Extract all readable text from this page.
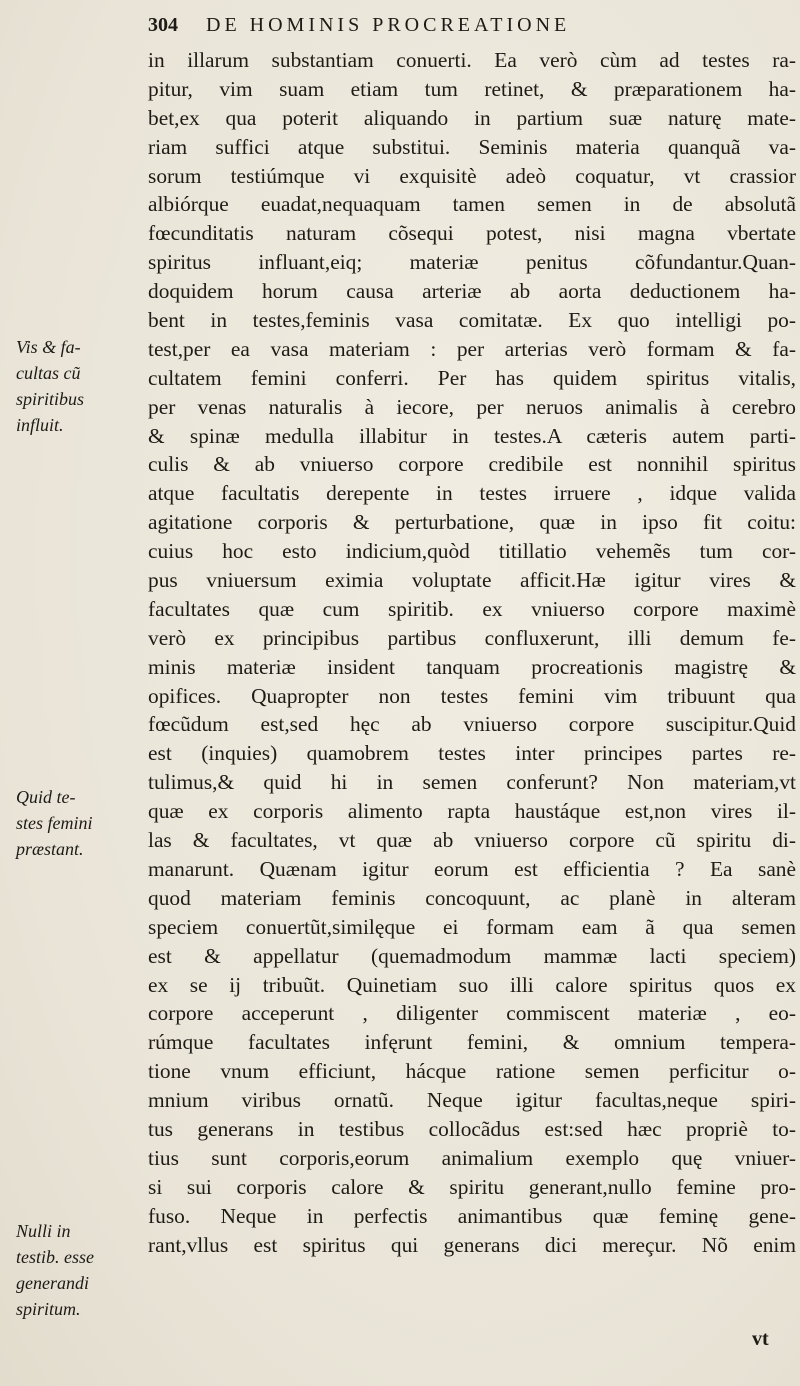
304 DE HOMINIS PROCREATIONE
in illarum substantiam conuerti. Ea verò cùm ad testes ra-
pitur, vim suam etiam tum retinet, & præparationem ha-
bet,ex qua poterit aliquando in partium suæ naturę mate-
riam suffici atque substitui. Seminis materia quanquã va-
sorum testiúmque vi exquisitè adeò coquatur, vt crassior
albiórque euadat,nequaquam tamen semen in de absolutã
fœcunditatis naturam cõsequi potest, nisi magna vbertate
spiritus influant,eiq; materiæ penitus cõfundantur.Quan-
doquidem horum causa arteriæ ab aorta deductionem ha-
bent in testes,feminis vasa comitatæ. Ex quo intelligi po-
test,per ea vasa materiam : per arterias verò formam & fa-
cultatem femini conferri. Per has quidem spiritus vitalis,
per venas naturalis à iecore, per neruos animalis à cerebro
& spinæ medulla illabitur in testes.A cæteris autem parti-
culis & ab vniuerso corpore credibile est nonnihil spiritus
atque facultatis derepente in testes irruere , idque valida
agitatione corporis & perturbatione, quæ in ipso fit coitu:
cuius hoc esto indicium,quòd titillatio vehemẽs tum cor-
pus vniuersum eximia voluptate afficit.Hæ igitur vires &
facultates quæ cum spiritib. ex vniuerso corpore maximè
verò ex principibus partibus confluxerunt, illi demum fe-
minis materiæ insident tanquam procreationis magistrę &
opifices. Quapropter non testes femini vim tribuunt qua
fœcũdum est,sed hęc ab vniuerso corpore suscipitur.Quid
est (inquies) quamobrem testes inter principes partes re-
tulimus,& quid hi in semen conferunt? Non materiam,vt
quæ ex corporis alimento rapta haustáque est,non vires il-
las & facultates, vt quæ ab vniuerso corpore cũ spiritu di-
manarunt. Quænam igitur eorum est efficientia ? Ea sanè
quod materiam feminis concoquunt, ac planè in alteram
speciem conuertũt,similęque ei formam eam ã qua semen
est & appellatur (quemadmodum mammæ lacti speciem)
ex se ij tribuũt. Quinetiam suo illi calore spiritus quos ex
corpore acceperunt , diligenter commiscent materiæ , eo-
rúmque facultates infęrunt femini, & omnium tempera-
tione vnum efficiunt, hácque ratione semen perficitur o-
mnium viribus ornatũ. Neque igitur facultas,neque spiri-
tus generans in testibus collocãdus est:sed hæc propriè to-
tius sunt corporis,eorum animalium exemplo quę vniuer-
si sui corporis calore & spiritu generant,nullo femine pro-
fuso. Neque in perfectis animantibus quæ feminę gene-
rant,vllus est spiritus qui generans dici mereçur. Nõ enim
Vis & fa-
cultas cũ
spiritibus
influit.
Quid te-
stes femini
præstant.
Nulli in
testib. esse
generandi
spiritum.
vt
